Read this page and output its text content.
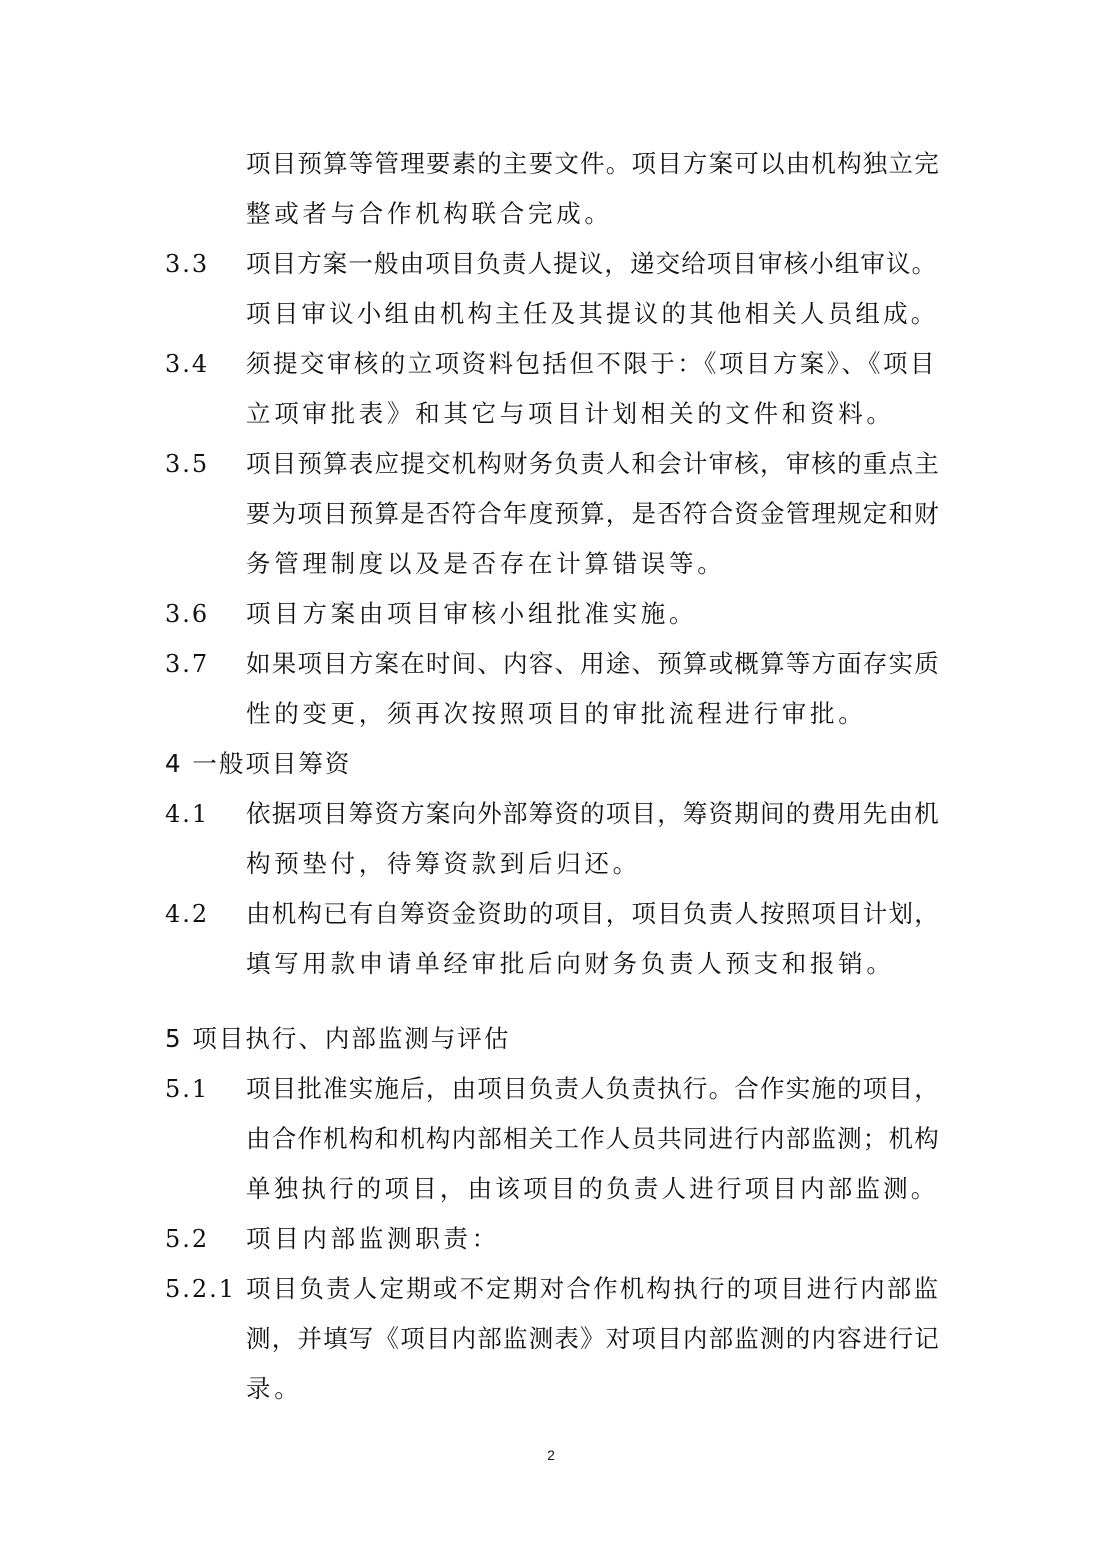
项目预算等管理要素的主要文件。项目方案可以由机构独立完
整或者与合作机构联合完成。
3.3 项目方案一般由项目负责人提议，递交给项目审核小组审议。
项目审议小组由机构主任及其提议的其他相关人员组成。
3.4 须提交审核的立项资料包括但不限于：《项目方案》、《项目
立项审批表》和其它与项目计划相关的文件和资料。
3.5 项目预算表应提交机构财务负责人和会计审核，审核的重点主
要为项目预算是否符合年度预算，是否符合资金管理规定和财
务管理制度以及是否存在计算错误等。
3.6 项目方案由项目审核小组批准实施。
3.7 如果项目方案在时间、内容、用途、预算或概算等方面存实质
性的变更，须再次按照项目的审批流程进行审批。
4 一般项目筹资
4.1 依据项目筹资方案向外部筹资的项目，筹资期间的费用先由机
构预垫付，待筹资款到后归还。
4.2 由机构已有自筹资金资助的项目，项目负责人按照项目计划，
填写用款申请单经审批后向财务负责人预支和报销。
5 项目执行、内部监测与评估
5.1 项目批准实施后，由项目负责人负责执行。合作实施的项目，
由合作机构和机构内部相关工作人员共同进行内部监测；机构
单独执行的项目，由该项目的负责人进行项目内部监测。
5.2 项目内部监测职责：
5.2.1 项目负责人定期或不定期对合作机构执行的项目进行内部监
测，并填写《项目内部监测表》对项目内部监测的内容进行记
录。
2
